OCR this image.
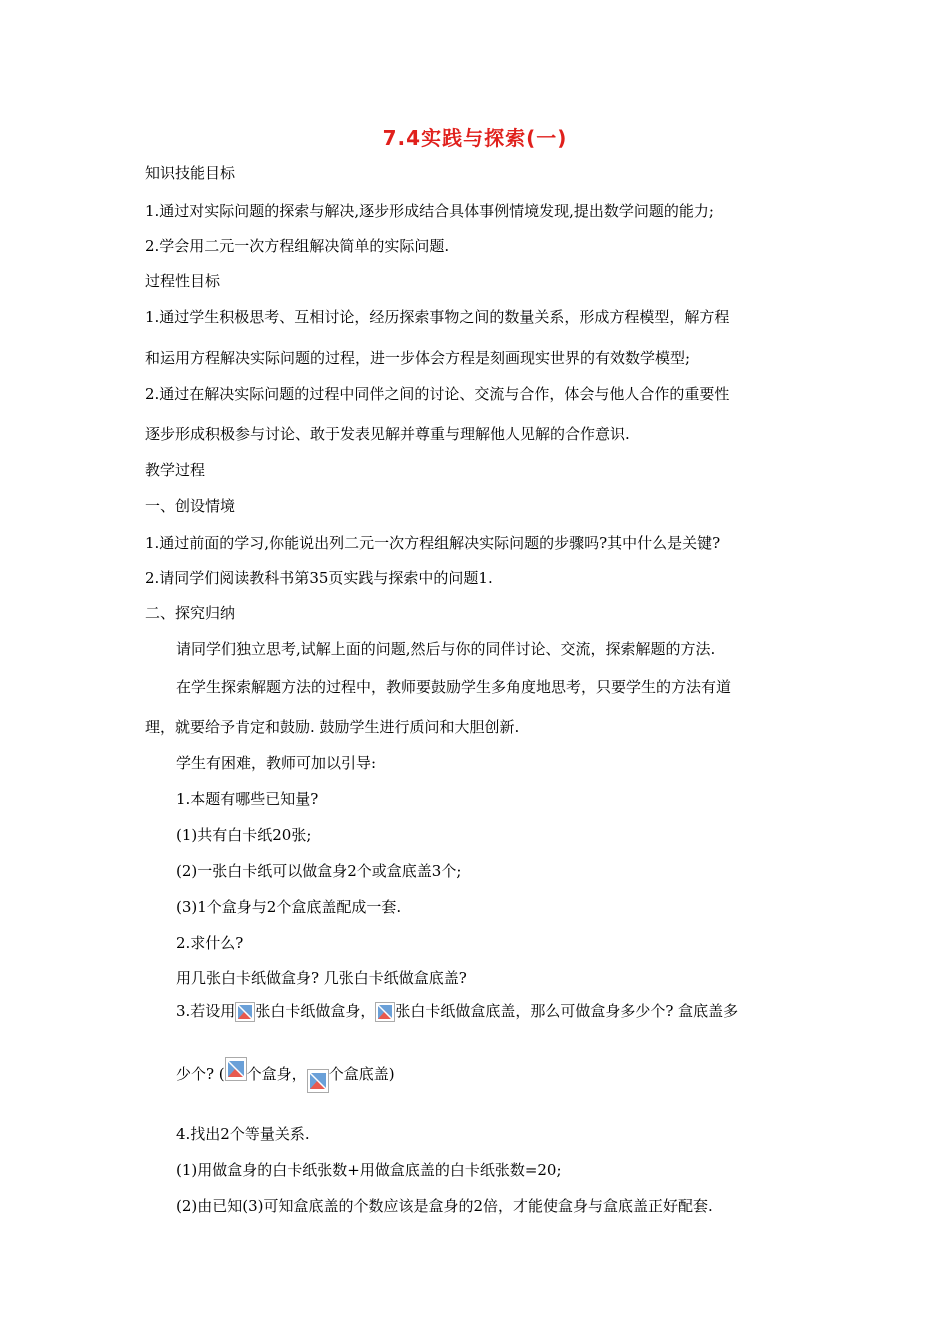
7.4实践与探索(一)
知识技能目标
1.通过对实际问题的探索与解决,逐步形成结合具体事例情境发现,提出数学问题的能力;
2.学会用二元一次方程组解决简单的实际问题.
过程性目标
1.通过学生积极思考、互相讨论，经历探索事物之间的数量关系，形成方程模型，解方程
和运用方程解决实际问题的过程，进一步体会方程是刻画现实世界的有效数学模型;
2.通过在解决实际问题的过程中同伴之间的讨论、交流与合作，体会与他人合作的重要性
逐步形成积极参与讨论、敢于发表见解并尊重与理解他人见解的合作意识.
教学过程
一、创设情境
1.通过前面的学习,你能说出列二元一次方程组解决实际问题的步骤吗?其中什么是关键?
2.请同学们阅读教科书第35页实践与探索中的问题1.
二、探究归纳
请同学们独立思考,试解上面的问题,然后与你的同伴讨论、交流，探索解题的方法.
在学生探索解题方法的过程中，教师要鼓励学生多角度地思考，只要学生的方法有道
理，就要给予肯定和鼓励. 鼓励学生进行质问和大胆创新.
学生有困难，教师可加以引导:
1.本题有哪些已知量?
(1)共有白卡纸20张;
(2)一张白卡纸可以做盒身2个或盒底盖3个;
(3)1个盒身与2个盒底盖配成一套.
2.求什么?
用几张白卡纸做盒身? 几张白卡纸做盒底盖?
3.若设用 张白卡纸做盒身， 张白卡纸做盒底盖，那么可做盒身多少个? 盒底盖多
少个? ( 个盒身， 个盒底盖)
4.找出2个等量关系.
(1)用做盒身的白卡纸张数+用做盒底盖的白卡纸张数=20;
(2)由已知(3)可知盒底盖的个数应该是盒身的2倍，才能使盒身与盒底盖正好配套.
